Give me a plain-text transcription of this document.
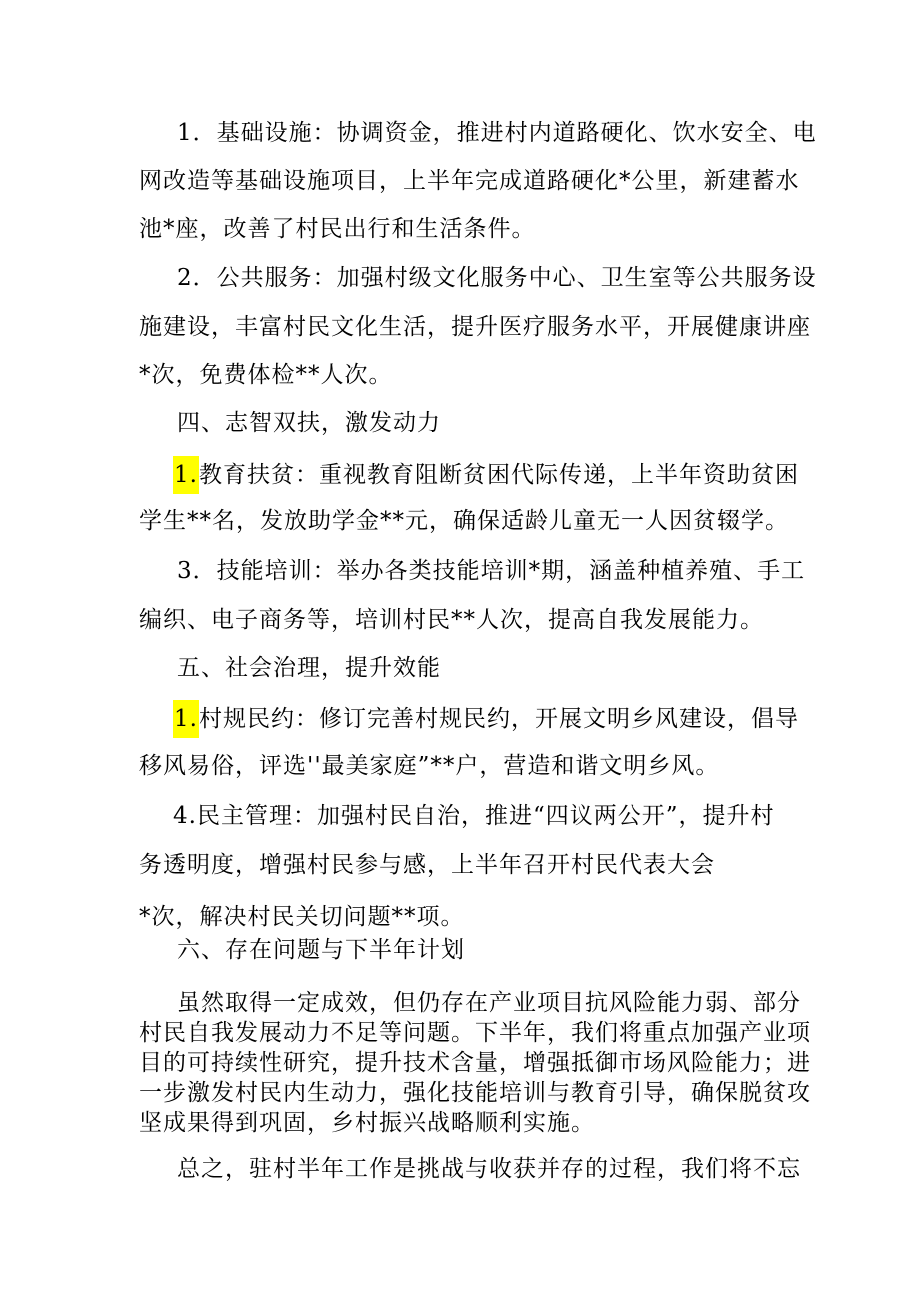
1．基础设施：协调资金，推进村内道路硬化、饮水安全、电
网改造等基础设施项目，上半年完成道路硬化*公里，新建蓄水
池*座，改善了村民出行和生活条件。
2．公共服务：加强村级文化服务中心、卫生室等公共服务设
施建设，丰富村民文化生活，提升医疗服务水平，开展健康讲座
*次，免费体检**人次。
四、志智双扶，激发动力
1.教育扶贫：重视教育阻断贫困代际传递，上半年资助贫困
学生**名，发放助学金**元，确保适龄儿童无一人因贫辍学。
3．技能培训：举办各类技能培训*期，涵盖种植养殖、手工
编织、电子商务等，培训村民**人次，提高自我发展能力。
五、社会治理，提升效能
1.村规民约：修订完善村规民约，开展文明乡风建设，倡导
移风易俗，评选''最美家庭”**户，营造和谐文明乡风。
4.民主管理：加强村民自治，推进“四议两公开”，提升村
务透明度，增强村民参与感，上半年召开村民代表大会
*次，解决村民关切问题**项。
六、存在问题与下半年计划
虽然取得一定成效，但仍存在产业项目抗风险能力弱、部分
村民自我发展动力不足等问题。下半年，我们将重点加强产业项
目的可持续性研究，提升技术含量，增强抵御市场风险能力；进
一步激发村民内生动力，强化技能培训与教育引导，确保脱贫攻
坚成果得到巩固，乡村振兴战略顺利实施。
总之，驻村半年工作是挑战与收获并存的过程，我们将不忘
